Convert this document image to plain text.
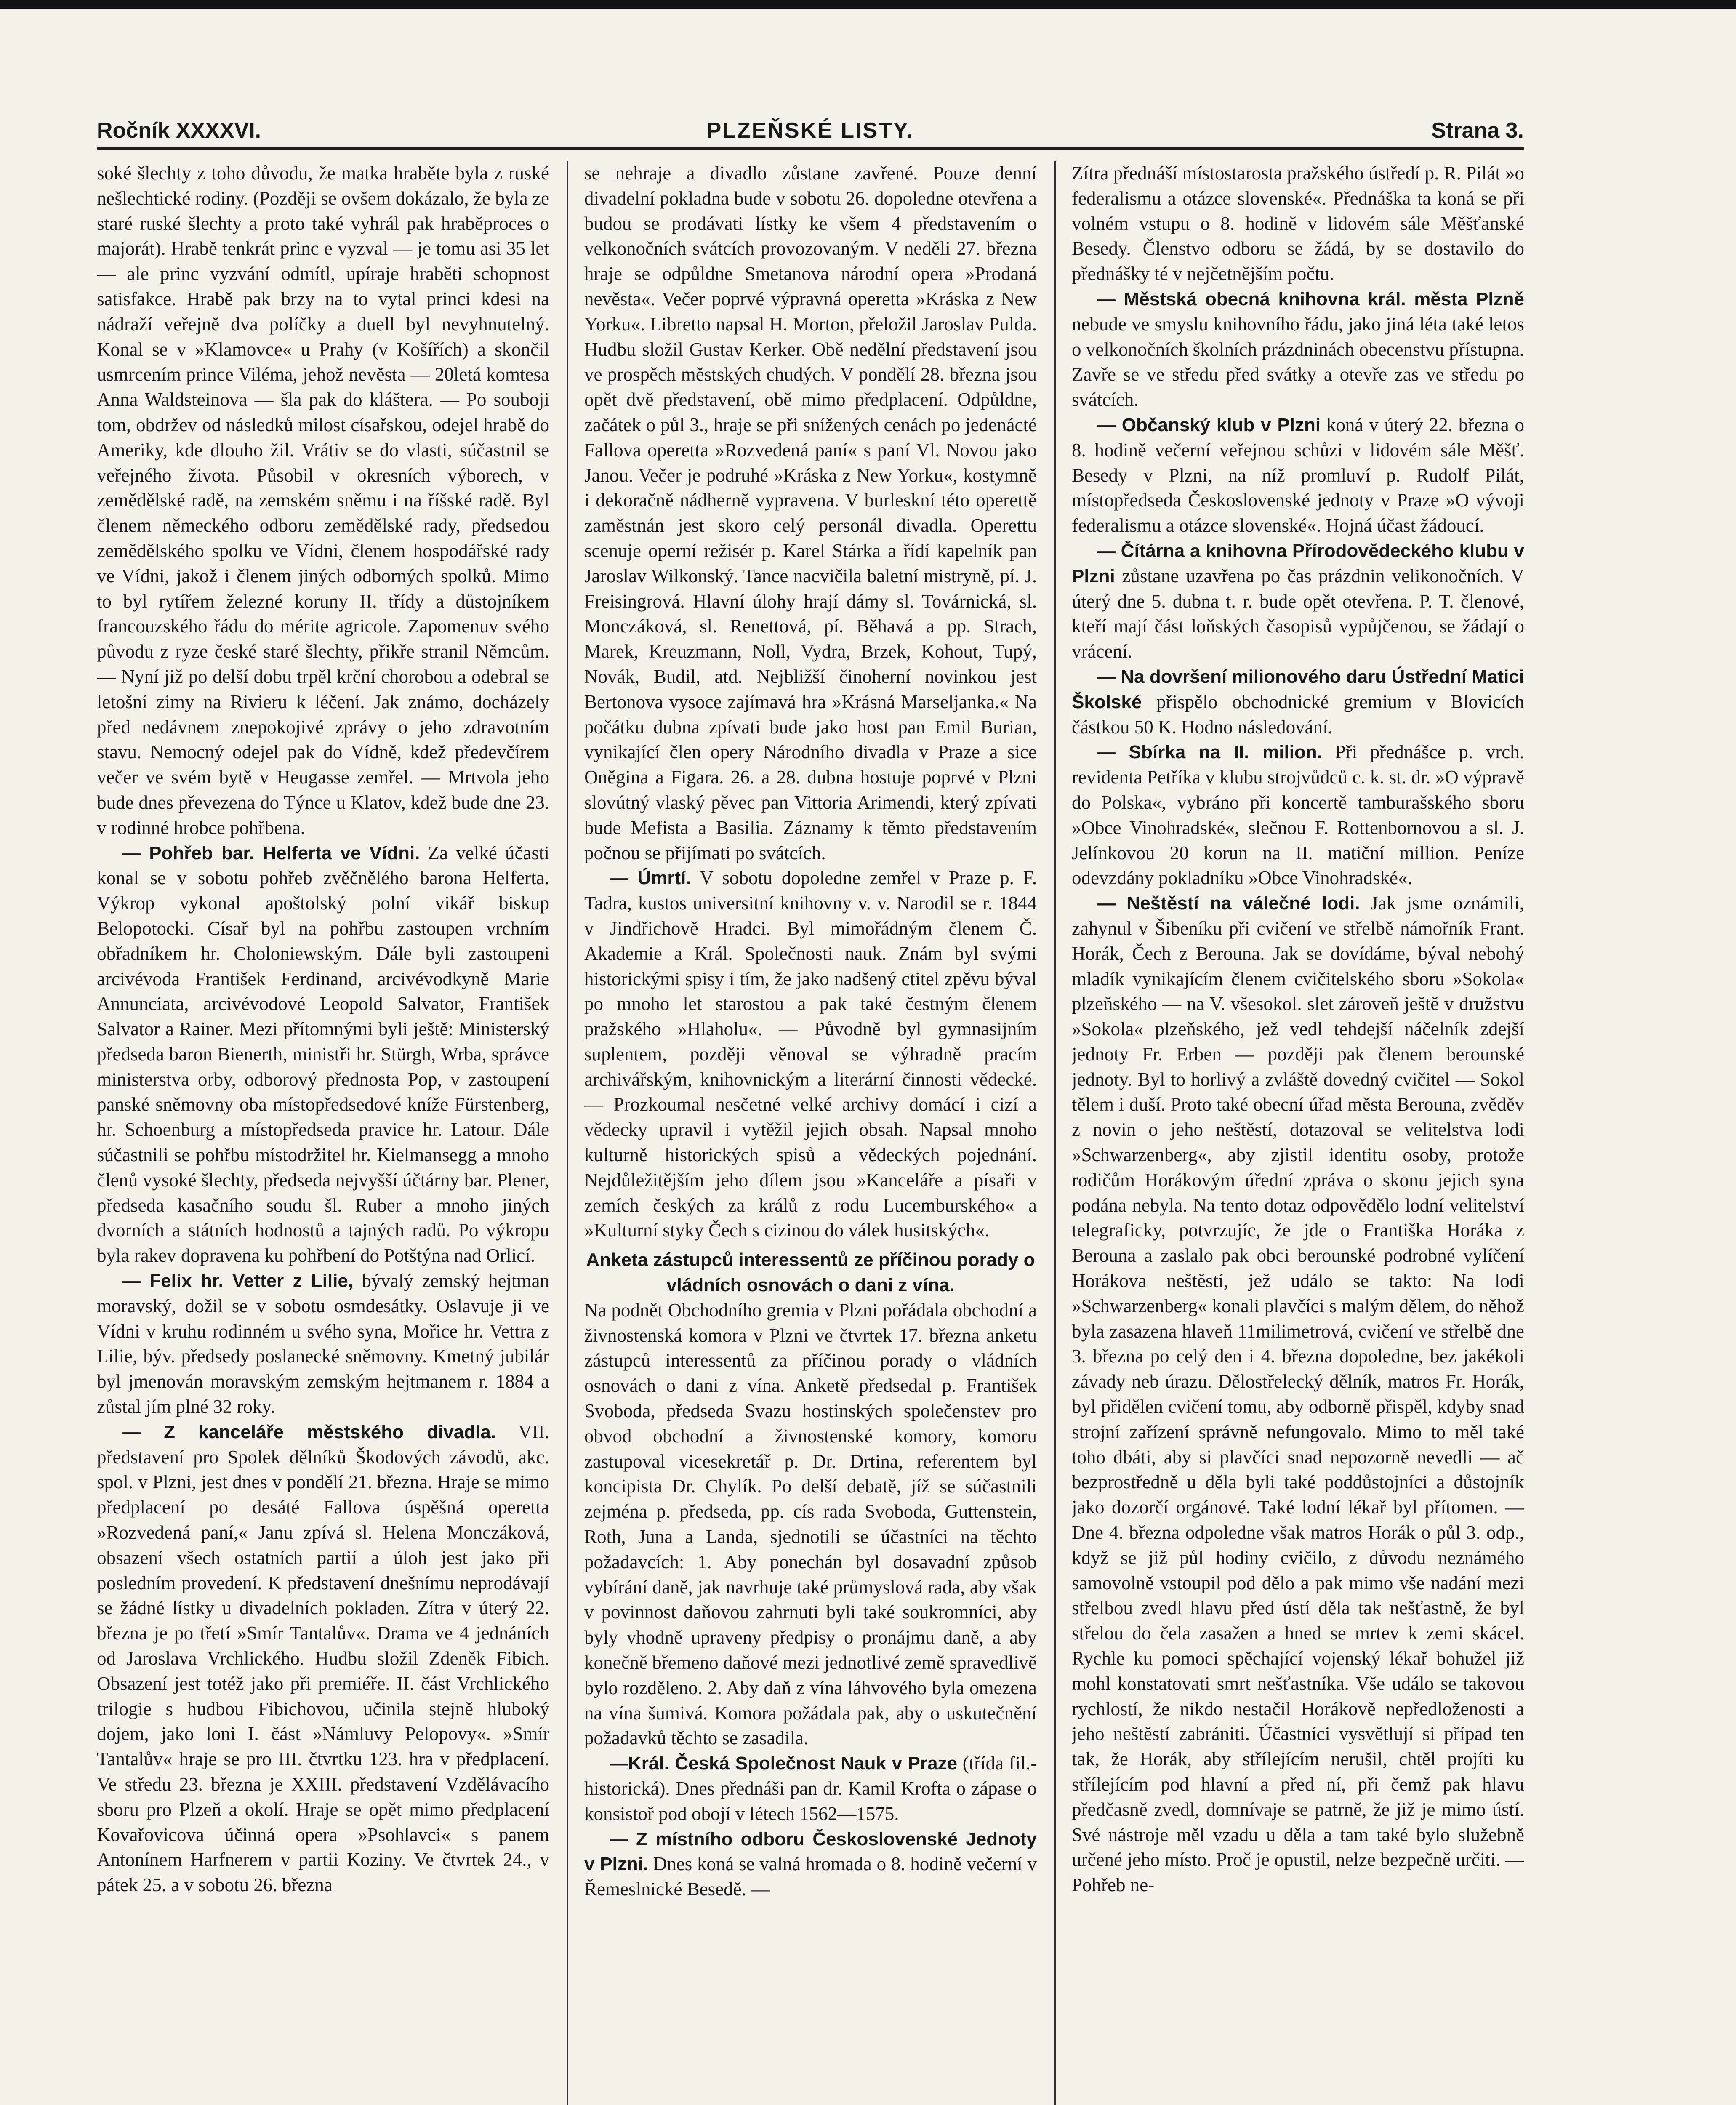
Ročník XXXXVI.	PLZEŇSKÉ LISTY.	Strana 3.

soké šlechty z toho důvodu, že matka hraběte byla z ruské nešlechtické rodiny. (Později se ovšem dokázalo, že byla ze staré ruské šlechty a proto také vyhrál pak hraběproces o majorát). Hrabě tenkrát princ e vyzval — je tomu asi 35 let — ale princ vyzvání odmítl, upíraje hraběti schopnost satisfakce. Hrabě pak brzy na to vytal princi kdesi na nádraží veřejně dva políčky a duell byl nevyhnutelný. Konal se v »Klamovce« u Prahy (v Košířích) a skončil usmrcením prince Viléma, jehož nevěsta — 20letá komtesa Anna Waldsteinova — šla pak do kláštera. — Po souboji tom, obdržev od následků milost císařskou, odejel hrabě do Ameriky, kde dlouho žil. Vrátiv se do vlasti, súčastnil se veřejného života. Působil v okresních výborech, v zemědělské radě, na zemském sněmu i na říšské radě. Byl členem německého odboru zemědělské rady, předsedou zemědělského spolku ve Vídni, členem hospodářské rady ve Vídni, jakož i členem jiných odborných spolků. Mimo to byl rytířem železné koruny II. třídy a důstojníkem francouzského řádu do mérite agricole. Zapomenuv svého původu z ryze české staré šlechty, přikře stranil Němcům. — Nyní již po delší dobu trpěl krční chorobou a odebral se letošní zimy na Rivieru k léčení. Jak známo, docházely před nedávnem znepokojivé zprávy o jeho zdravotním stavu. Nemocný odejel pak do Vídně, kdež předevčírem večer ve svém bytě v Heugasse zemřel. — Mrtvola jeho bude dnes převezena do Týnce u Klatov, kdež bude dne 23. v rodinné hrobce pohřbena.

— Pohřeb bar. Helferta ve Vídni. Za velké účasti konal se v sobotu pohřeb zvěčnělého barona Helferta. Výkrop vykonal apoštolský polní vikář biskup Belopotocki. Císař byl na pohřbu zastoupen vrchním obřadníkem hr. Choloniewským. Dále byli zastoupeni arcivévoda František Ferdinand, arcivévodkyně Marie Annunciata, arcivévodové Leopold Salvator, František Salvator a Rainer. Mezi přítomnými byli ještě: Ministerský předseda baron Bienerth, ministři hr. Stürgh, Wrba, správce ministerstva orby, odborový přednosta Pop, v zastoupení panské sněmovny oba místopředsedové kníže Fürstenberg, hr. Schoenburg a místopředseda pravice hr. Latour. Dále súčastnili se pohřbu místodržitel hr. Kielmansegg a mnoho členů vysoké šlechty, předseda nejvyšší účtárny bar. Plener, předseda kasačního soudu šl. Ruber a mnoho jiných dvorních a státních hodnostů a tajných radů. Po výkropu byla rakev dopravena ku pohřbení do Potštýna nad Orlicí.

— Felix hr. Vetter z Lilie, bývalý zemský hejtman moravský, dožil se v sobotu osmdesátky. Oslavuje ji ve Vídni v kruhu rodinném u svého syna, Mořice hr. Vettra z Lilie, býv. předsedy poslanecké sněmovny. Kmetný jubilár byl jmenován moravským zemským hejtmanem r. 1884 a zůstal jím plné 32 roky.

— Z kanceláře městského divadla. VII. představení pro Spolek dělníků Škodových závodů, akc. spol. v Plzni, jest dnes v pondělí 21. března. Hraje se mimo předplacení po desáté Fallova úspěšná operetta »Rozvedená paní,« Janu zpívá sl. Helena Monczáková, obsazení všech ostatních partií a úloh jest jako při posledním provedení. K představení dnešnímu neprodávají se žádné lístky u divadelních pokladen. Zítra v úterý 22. března je po třetí »Smír Tantalův«. Drama ve 4 jednáních od Jaroslava Vrchlického. Hudbu složil Zdeněk Fibich. Obsazení jest totéž jako při premiéře. II. část Vrchlického trilogie s hudbou Fibichovou, učinila stejně hluboký dojem, jako loni I. část »Námluvy Pelopovy«. »Smír Tantalův« hraje se pro III. čtvrtku 123. hra v předplacení. Ve středu 23. března je XXIII. představení Vzdělávacího sboru pro Plzeň a okolí. Hraje se opět mimo předplacení Kovařovicova účinná opera »Psohlavci« s panem Antonínem Harfnerem v partii Koziny. Ve čtvrtek 24., v pátek 25. a v sobotu 26. března

se nehraje a divadlo zůstane zavřené. Pouze denní divadelní pokladna bude v sobotu 26. dopoledne otevřena a budou se prodávati lístky ke všem 4 představením o velkonočních svátcích provozovaným. V neděli 27. března hraje se odpůldne Smetanova národní opera »Prodaná nevěsta«. Večer poprvé výpravná operetta »Kráska z New Yorku«. Libretto napsal H. Morton, přeložil Jaroslav Pulda. Hudbu složil Gustav Kerker. Obě nedělní představení jsou ve prospěch městských chudých. V pondělí 28. března jsou opět dvě představení, obě mimo předplacení. Odpůldne, začátek o půl 3., hraje se při snížených cenách po jedenácté Fallova operetta »Rozvedená paní« s paní Vl. Novou jako Janou. Večer je podruhé »Kráska z New Yorku«, kostymně i dekoračně nádherně vypravena. V burleskní této operettě zaměstnán jest skoro celý personál divadla. Operettu scenuje operní režisér p. Karel Stárka a řídí kapelník pan Jaroslav Wilkonský. Tance nacvičila baletní mistryně, pí. J. Freisingrová. Hlavní úlohy hrají dámy sl. Továrnická, sl. Monczáková, sl. Renettová, pí. Běhavá a pp. Strach, Marek, Kreuzmann, Noll, Vydra, Brzek, Kohout, Tupý, Novák, Budil, atd. Nejbližší činoherní novinkou jest Bertonova vysoce zajímavá hra »Krásná Marseljanka.« Na počátku dubna zpívati bude jako host pan Emil Burian, vynikající člen opery Národního divadla v Praze a sice Oněgina a Figara. 26. a 28. dubna hostuje poprvé v Plzni slovútný vlaský pěvec pan Vittoria Arimendi, který zpívati bude Mefista a Basilia. Záznamy k těmto představením počnou se přijímati po svátcích.

— Úmrtí. V sobotu dopoledne zemřel v Praze p. F. Tadra, kustos universitní knihovny v. v. Narodil se r. 1844 v Jindřichově Hradci. Byl mimořádným členem Č. Akademie a Král. Společnosti nauk. Znám byl svými historickými spisy i tím, že jako nadšený ctitel zpěvu býval po mnoho let starostou a pak také čestným členem pražského »Hlaholu«. — Původně byl gymnasijním suplentem, později věnoval se výhradně pracím archivářským, knihovnickým a literární činnosti vědecké. — Prozkoumal nesčetné velké archivy domácí i cizí a vědecky upravil i vytěžil jejich obsah. Napsal mnoho kulturně historických spisů a vědeckých pojednání. Nejdůležitějším jeho dílem jsou »Kanceláře a písaři v zemích českých za králů z rodu Lucemburského« a »Kulturní styky Čech s cizinou do válek husitských«.

Anketa zástupců interessentů ze příčinou porady o vládních osnovách o dani z vína.

Na podnět Obchodního gremia v Plzni pořádala obchodní a živnostenská komora v Plzni ve čtvrtek 17. března anketu zástupců interessentů za příčinou porady o vládních osnovách o dani z vína. Anketě předsedal p. František Svoboda, předseda Svazu hostinských společenstev pro obvod obchodní a živnostenské komory, komoru zastupoval vicesekretář p. Dr. Drtina, referentem byl koncipista Dr. Chylík. Po delší debatě, jíž se súčastnili zejména p. předseda, pp. cís rada Svoboda, Guttenstein, Roth, Juna a Landa, sjednotili se účastníci na těchto požadavcích: 1. Aby ponechán byl dosavadní způsob vybírání daně, jak navrhuje také průmyslová rada, aby však v povinnost daňovou zahrnuti byli také soukromníci, aby byly vhodně upraveny předpisy o pronájmu daně, a aby konečně břemeno daňové mezi jednotlivé země spravedlivě bylo rozděleno. 2. Aby daň z vína láhvového byla omezena na vína šumivá. Komora požádala pak, aby o uskutečnění požadavků těchto se zasadila.

—Král. Česká Společnost Nauk v Praze (třída fil.-historická). Dnes přednáši pan dr. Kamil Krofta o zápase o konsistoř pod obojí v létech 1562—1575.

— Z místního odboru Československé Jednoty v Plzni. Dnes koná se valná hromada o 8. hodině večerní v Řemeslnické Besedě. —

Zítra přednáší místostarosta pražského ústředí p. R. Pilát »o federalismu a otázce slovenské«. Přednáška ta koná se při volném vstupu o 8. hodině v lidovém sále Měšťanské Besedy. Členstvo odboru se žádá, by se dostavilo do přednášky té v nejčetnějším počtu.

— Městská obecná knihovna král. města Plzně nebude ve smyslu knihovního řádu, jako jiná léta také letos o velkonočních školních prázdninách obecenstvu přístupna. Zavře se ve středu před svátky a otevře zas ve středu po svátcích.

— Občanský klub v Plzni koná v úterý 22. března o 8. hodině večerní veřejnou schůzi v lidovém sále Měšť. Besedy v Plzni, na níž promluví p. Rudolf Pilát, místopředseda Československé jednoty v Praze »O vývoji federalismu a otázce slovenské«. Hojná účast žádoucí.

— Čítárna a knihovna Přírodovědeckého klubu v Plzni zůstane uzavřena po čas prázdnin velikonočních. V úterý dne 5. dubna t. r. bude opět otevřena. P. T. členové, kteří mají část loňských časopisů vypůjčenou, se žádají o vrácení.

— Na dovršení milionového daru Ústřední Matici Školské přispělo obchodnické gremium v Blovicích částkou 50 K. Hodno následování.

— Sbírka na II. milion. Při přednášce p. vrch. revidenta Petříka v klubu strojvůdců c. k. st. dr. »O výpravě do Polska«, vybráno při koncertě tamburašského sboru »Obce Vinohradské«, slečnou F. Rottenbornovou a sl. J. Jelínkovou 20 korun na II. matiční million. Peníze odevzdány pokladníku »Obce Vinohradské«.

— Neštěstí na válečné lodi. Jak jsme oznámili, zahynul v Šibeníku při cvičení ve střelbě námořník Frant. Horák, Čech z Berouna. Jak se dovídáme, býval nebohý mladík vynikajícím členem cvičitelského sboru »Sokola« plzeňského — na V. všesokol. slet zároveň ještě v družstvu »Sokola« plzeňského, jež vedl tehdejší náčelník zdejší jednoty Fr. Erben — později pak členem berounské jednoty. Byl to horlivý a zvláště dovedný cvičitel — Sokol tělem i duší. Proto také obecní úřad města Berouna, zvěděv z novin o jeho neštěstí, dotazoval se velitelstva lodi »Schwarzenberg«, aby zjistil identitu osoby, protože rodičům Horákovým úřední zpráva o skonu jejich syna podána nebyla. Na tento dotaz odpovědělo lodní velitelství telegraficky, potvrzujíc, že jde o Františka Horáka z Berouna a zaslalo pak obci berounské podrobné vylíčení Horákova neštěstí, jež událo se takto: Na lodi »Schwarzenberg« konali plavčíci s malým dělem, do něhož byla zasazena hlaveň 11milimetrová, cvičení ve střelbě dne 3. března po celý den i 4. března dopoledne, bez jakékoli závady neb úrazu. Dělostřelecký dělník, matros Fr. Horák, byl přidělen cvičení tomu, aby odborně přispěl, kdyby snad strojní zařízení správně nefungovalo. Mimo to měl také toho dbáti, aby si plavčíci snad nepozorně nevedli — ač bezprostředně u děla byli také poddůstojníci a důstojník jako dozorčí orgánové. Také lodní lékař byl přítomen. — Dne 4. března odpoledne však matros Horák o půl 3. odp., když se již půl hodiny cvičilo, z důvodu neznámého samovolně vstoupil pod dělo a pak mimo vše nadání mezi střelbou zvedl hlavu před ústí děla tak nešťastně, že byl střelou do čela zasažen a hned se mrtev k zemi skácel. Rychle ku pomoci spěchající vojenský lékař bohužel již mohl konstatovati smrt nešťastníka. Vše událo se takovou rychlostí, že nikdo nestačil Horákově nepředloženosti a jeho neštěstí zabrániti. Účastníci vysvětlují si případ ten tak, že Horák, aby střílejícím nerušil, chtěl projíti ku střílejícím pod hlavní a před ní, při čemž pak hlavu předčasně zvedl, domnívaje se patrně, že již je mimo ústí. Své nástroje měl vzadu u děla a tam také bylo služebně určené jeho místo. Proč je opustil, nelze bezpečně určiti. — Pohřeb ne-
